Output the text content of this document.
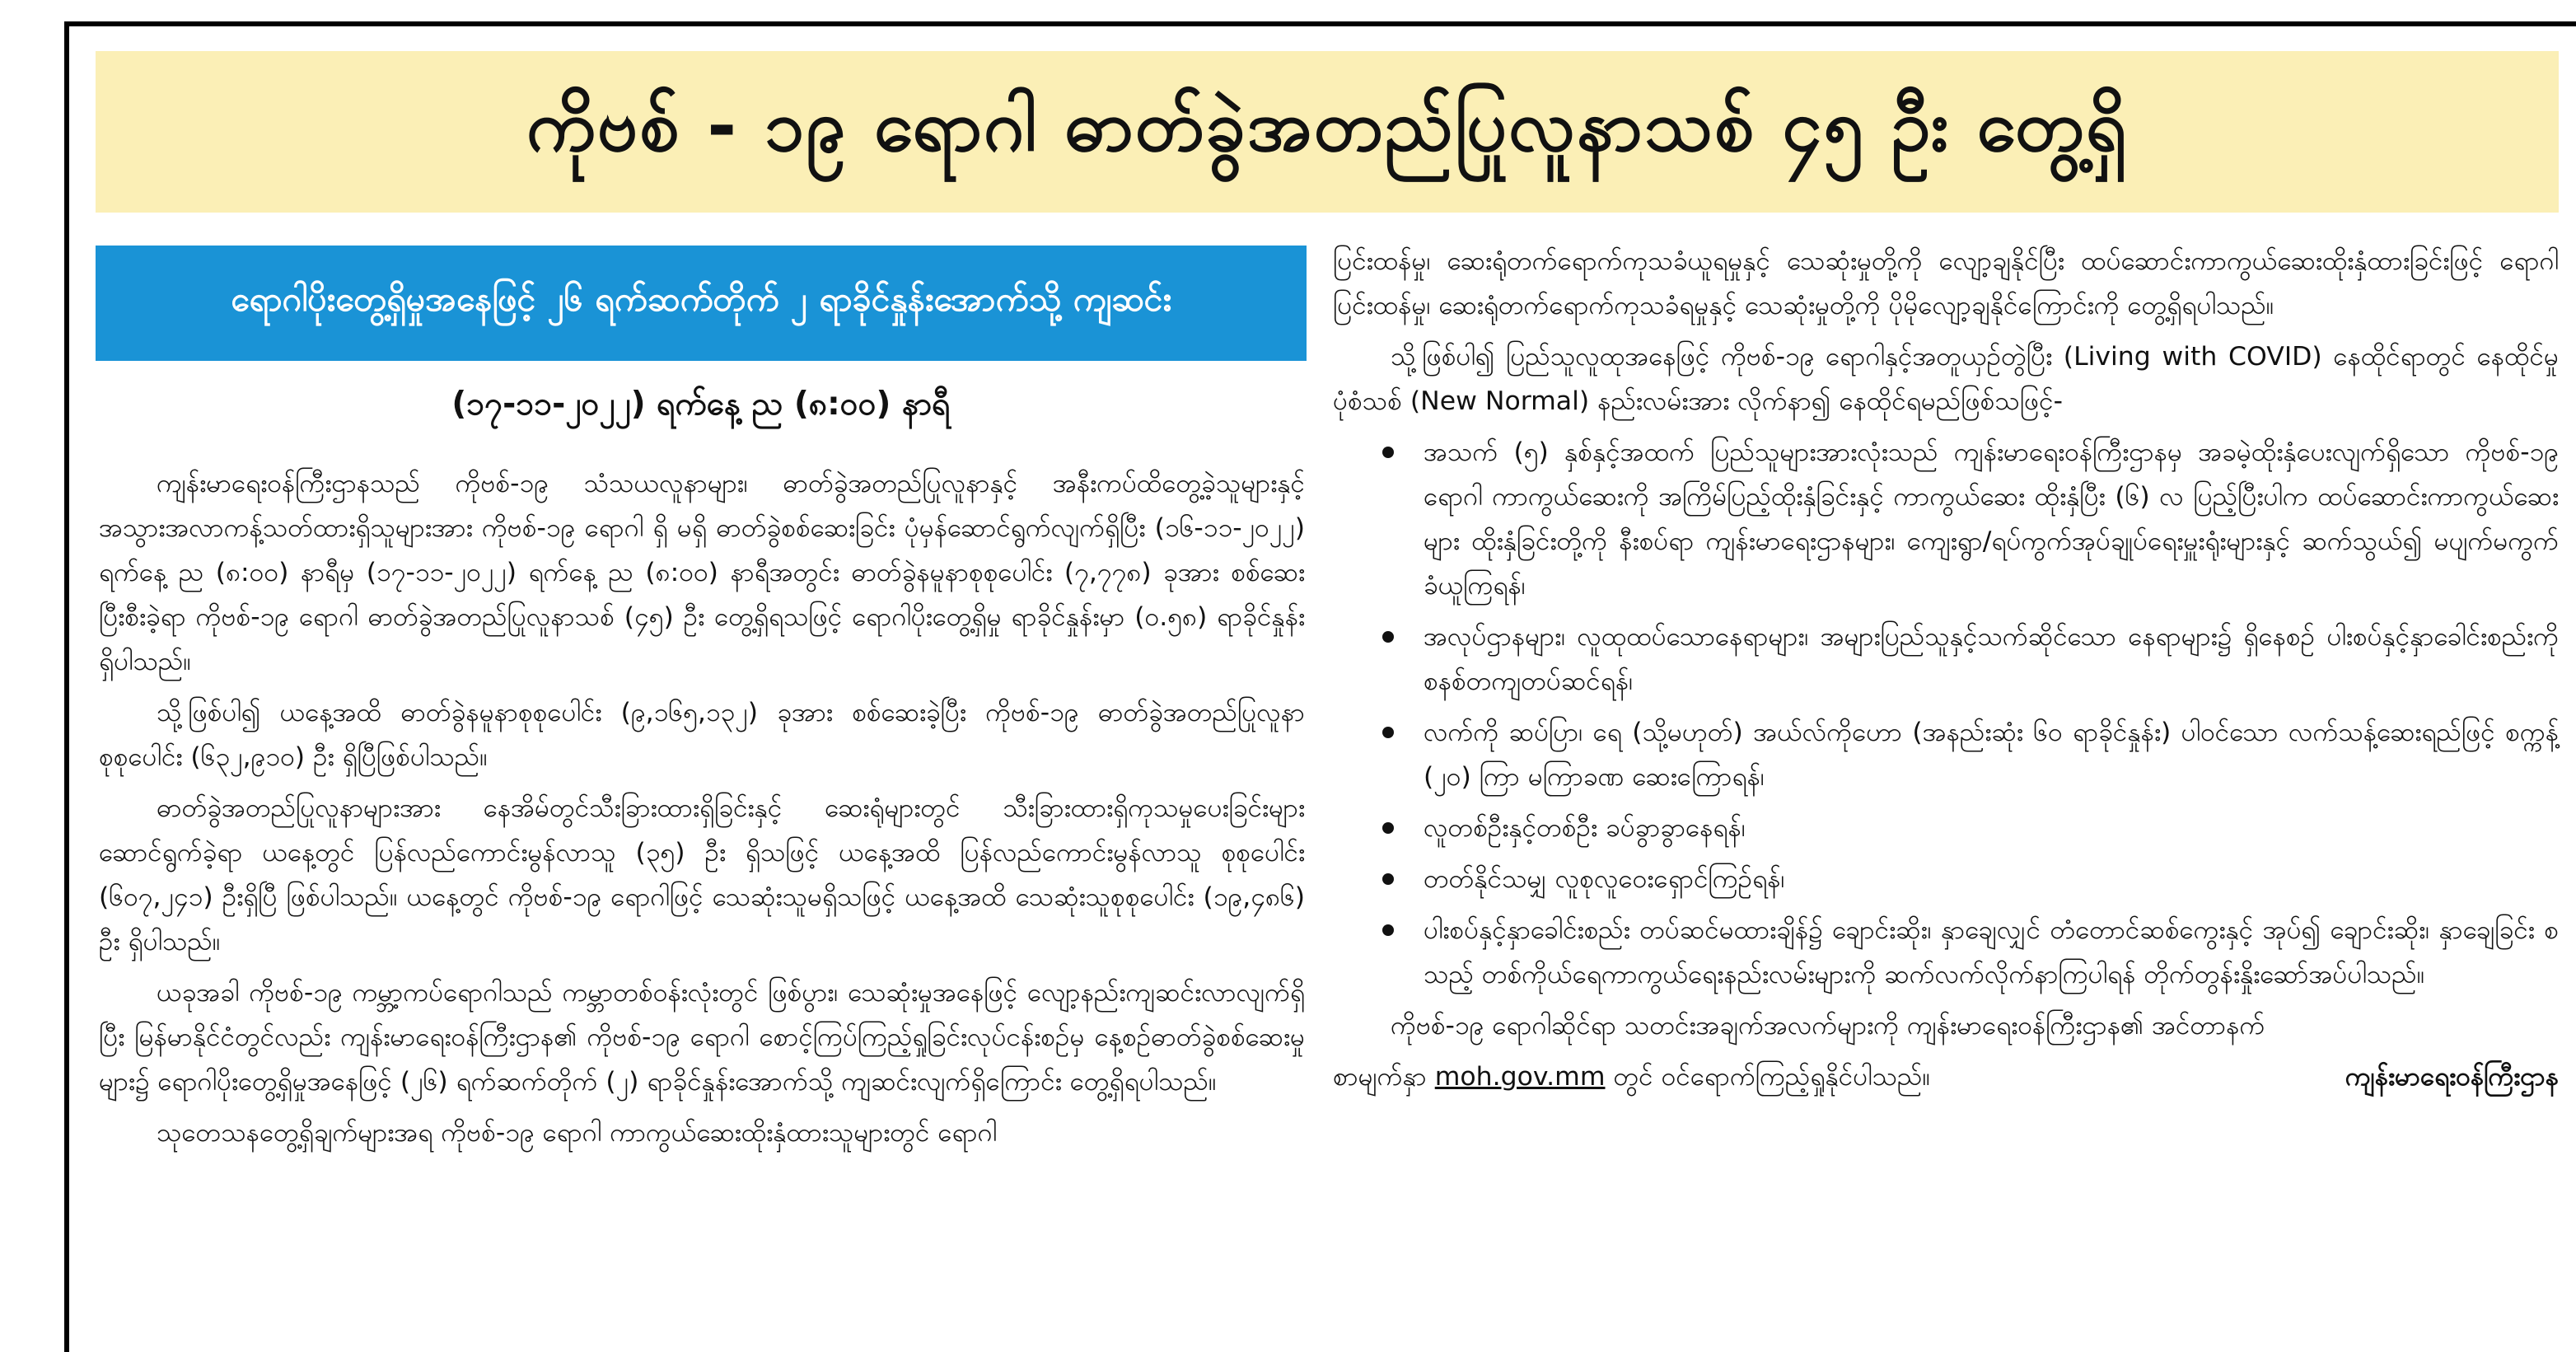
ကိုဗစ် - ၁၉ ရောဂါ ဓာတ်ခွဲအတည်ပြုလူနာသစ် ၄၅ ဦး တွေ့ရှိ
ရောဂါပိုးတွေ့ရှိမှုအနေဖြင့် ၂၆ ရက်ဆက်တိုက် ၂ ရာခိုင်နှုန်းအောက်သို့ ကျဆင်း
(၁၇-၁၁-၂၀၂၂) ရက်နေ့ ည (၈:၀၀) နာရီ

ကျန်းမာရေးဝန်ကြီးဌာနသည် ကိုဗစ်-၁၉ သံသယလူနာများ၊ ဓာတ်ခွဲအတည်ပြုလူနာနှင့် အနီးကပ်ထိတွေ့ခဲ့သူများနှင့် အသွားအလာကန့်သတ်ထားရှိသူများအား ကိုဗစ်-၁၉ ရောဂါ ရှိ မရှိ ဓာတ်ခွဲစစ်ဆေးခြင်း ပုံမှန်ဆောင်ရွက်လျက်ရှိပြီး (၁၆-၁၁-၂၀၂၂) ရက်နေ့ ည (၈:၀၀) နာရီမှ (၁၇-၁၁-၂၀၂၂) ရက်နေ့ ည (၈:၀၀) နာရီအတွင်း ဓာတ်ခွဲနမူနာစုစုပေါင်း (၇,၇၇၈) ခုအား စစ်ဆေးပြီးစီးခဲ့ရာ ကိုဗစ်-၁၉ ရောဂါ ဓာတ်ခွဲအတည်ပြုလူနာသစ် (၄၅) ဦး တွေ့ရှိရသဖြင့် ရောဂါပိုးတွေ့ရှိမှု ရာခိုင်နှုန်းမှာ (၀.၅၈) ရာခိုင်နှုန်း ရှိပါသည်။

သို့ဖြစ်ပါ၍ ယနေ့အထိ ဓာတ်ခွဲနမူနာစုစုပေါင်း (၉,၁၆၅,၁၃၂) ခုအား စစ်ဆေးခဲ့ပြီး ကိုဗစ်-၁၉ ဓာတ်ခွဲအတည်ပြုလူနာ စုစုပေါင်း (၆၃၂,၉၁၀) ဦး ရှိပြီဖြစ်ပါသည်။

ဓာတ်ခွဲအတည်ပြုလူနာများအား နေအိမ်တွင်သီးခြားထားရှိခြင်းနှင့် ဆေးရုံများတွင် သီးခြားထားရှိကုသမှုပေးခြင်းများ ဆောင်ရွက်ခဲ့ရာ ယနေ့တွင် ပြန်လည်ကောင်းမွန်လာသူ (၃၅) ဦး ရှိသဖြင့် ယနေ့အထိ ပြန်လည်ကောင်းမွန်လာသူ စုစုပေါင်း (၆၀၇,၂၄၁) ဦးရှိပြီ ဖြစ်ပါသည်။ ယနေ့တွင် ကိုဗစ်-၁၉ ရောဂါဖြင့် သေဆုံးသူမရှိသဖြင့် ယနေ့အထိ သေဆုံးသူစုစုပေါင်း (၁၉,၄၈၆) ဦး ရှိပါသည်။

ယခုအခါ ကိုဗစ်-၁၉ ကမ္ဘာ့ကပ်ရောဂါသည် ကမ္ဘာတစ်ဝန်းလုံးတွင် ဖြစ်ပွား၊ သေဆုံးမှုအနေဖြင့် လျော့နည်းကျဆင်းလာလျက်ရှိပြီး မြန်မာနိုင်ငံတွင်လည်း ကျန်းမာရေးဝန်ကြီးဌာန၏ ကိုဗစ်-၁၉ ရောဂါ စောင့်ကြပ်ကြည့်ရှုခြင်းလုပ်ငန်းစဉ်မှ နေ့စဉ်ဓာတ်ခွဲစစ်ဆေးမှုများ၌ ရောဂါပိုးတွေ့ရှိမှုအနေဖြင့် (၂၆) ရက်ဆက်တိုက် (၂) ရာခိုင်နှုန်းအောက်သို့ ကျဆင်းလျက်ရှိကြောင်း တွေ့ရှိရပါသည်။

သုတေသနတွေ့ရှိချက်များအရ ကိုဗစ်-၁၉ ရောဂါ ကာကွယ်ဆေးထိုးနှံထားသူများတွင် ရောဂါ

ပြင်းထန်မှု၊ ဆေးရုံတက်ရောက်ကုသခံယူရမှုနှင့် သေဆုံးမှုတို့ကို လျော့ချနိုင်ပြီး ထပ်ဆောင်းကာကွယ်ဆေးထိုးနှံထားခြင်းဖြင့် ရောဂါပြင်းထန်မှု၊ ဆေးရုံတက်ရောက်ကုသခံရမှုနှင့် သေဆုံးမှုတို့ကို ပိုမိုလျော့ချနိုင်ကြောင်းကို တွေ့ရှိရပါသည်။

သို့ဖြစ်ပါ၍ ပြည်သူလူထုအနေဖြင့် ကိုဗစ်-၁၉ ရောဂါနှင့်အတူယှဉ်တွဲပြီး (Living with COVID) နေထိုင်ရာတွင် နေထိုင်မှုပုံစံသစ် (New Normal) နည်းလမ်းအား လိုက်နာ၍ နေထိုင်ရမည်ဖြစ်သဖြင့်-

အသက် (၅) နှစ်နှင့်အထက် ပြည်သူများအားလုံးသည် ကျန်းမာရေးဝန်ကြီးဌာနမှ အခမဲ့ထိုးနှံပေးလျက်ရှိသော ကိုဗစ်-၁၉ ရောဂါ ကာကွယ်ဆေးကို အကြိမ်ပြည့်ထိုးနှံခြင်းနှင့် ကာကွယ်ဆေး ထိုးနှံပြီး (၆) လ ပြည့်ပြီးပါက ထပ်ဆောင်းကာကွယ်ဆေးများ ထိုးနှံခြင်းတို့ကို နီးစပ်ရာ ကျန်းမာရေးဌာနများ၊ ကျေးရွာ/ရပ်ကွက်အုပ်ချုပ်ရေးမှူးရုံးများနှင့် ဆက်သွယ်၍ မပျက်မကွက် ခံယူကြရန်၊
အလုပ်ဌာနများ၊ လူထုထပ်သောနေရာများ၊ အများပြည်သူနှင့်သက်ဆိုင်သော နေရာများ၌ ရှိနေစဉ် ပါးစပ်နှင့်နှာခေါင်းစည်းကို စနစ်တကျတပ်ဆင်ရန်၊
လက်ကို ဆပ်ပြာ၊ ရေ (သို့မဟုတ်) အယ်လ်ကိုဟော (အနည်းဆုံး ၆၀ ရာခိုင်နှုန်း) ပါဝင်သော လက်သန့်ဆေးရည်ဖြင့် စက္ကန့် (၂၀) ကြာ မကြာခဏ ဆေးကြောရန်၊
လူတစ်ဦးနှင့်တစ်ဦး ခပ်ခွာခွာနေရန်၊
တတ်နိုင်သမျှ လူစုလူဝေးရှောင်ကြဉ်ရန်၊
ပါးစပ်နှင့်နှာခေါင်းစည်း တပ်ဆင်မထားချိန်၌ ချောင်းဆိုး၊ နှာချေလျှင် တံတောင်ဆစ်ကွေးနှင့် အုပ်၍ ချောင်းဆိုး၊ နှာချေခြင်း စသည့် တစ်ကိုယ်ရေကာကွယ်ရေးနည်းလမ်းများကို ဆက်လက်လိုက်နာကြပါရန် တိုက်တွန်းနှိုးဆော်အပ်ပါသည်။

ကိုဗစ်-၁၉ ရောဂါဆိုင်ရာ သတင်းအချက်အလက်များကို ကျန်းမာရေးဝန်ကြီးဌာန၏ အင်တာနက်

စာမျက်နှာ moh.gov.mm တွင် ဝင်ရောက်ကြည့်ရှုနိုင်ပါသည်။	ကျန်းမာရေးဝန်ကြီးဌာန
